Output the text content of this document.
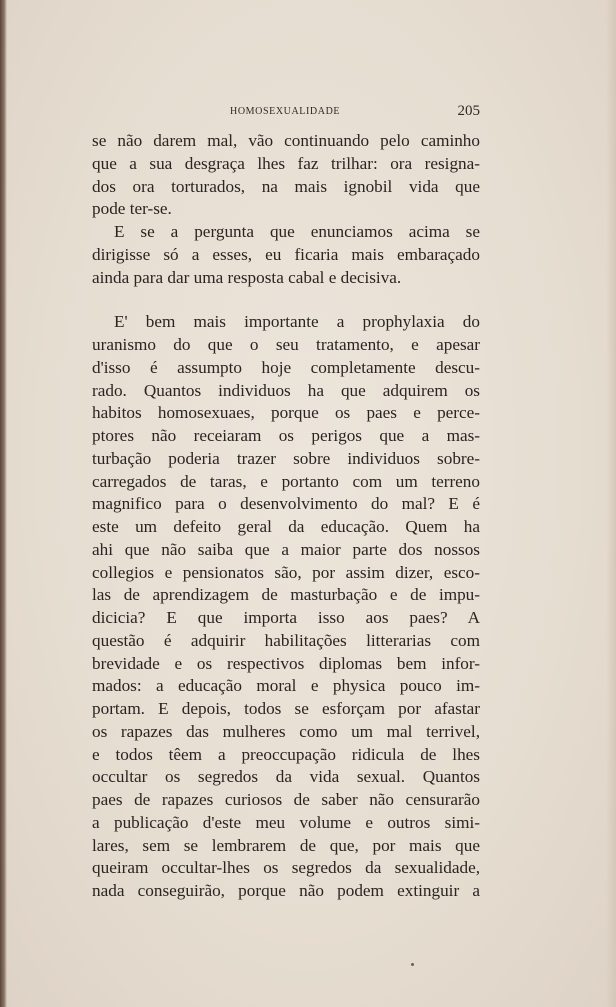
HOMOSEXUALIDADE	205
se não darem mal, vão continuando pelo caminho
que a sua desgraça lhes faz trilhar: ora resigna-
dos ora torturados, na mais ignobil vida que
pode ter-se.
E se a pergunta que enunciamos acima se
dirigisse só a esses, eu ficaria mais embaraçado
ainda para dar uma resposta cabal e decisiva.
E' bem mais importante a prophylaxia do
uranismo do que o seu tratamento, e apesar
d'isso é assumpto hoje completamente descu-
rado. Quantos individuos ha que adquirem os
habitos homosexuaes, porque os paes e perce-
ptores não receiaram os perigos que a mas-
turbação poderia trazer sobre individuos sobre-
carregados de taras, e portanto com um terreno
magnifico para o desenvolvimento do mal? E é
este um defeito geral da educação. Quem ha
ahi que não saiba que a maior parte dos nossos
collegios e pensionatos são, por assim dizer, esco-
las de aprendizagem de masturbação e de impu-
dicicia? E que importa isso aos paes? A
questão é adquirir habilitações litterarias com
brevidade e os respectivos diplomas bem infor-
mados: a educação moral e physica pouco im-
portam. E depois, todos se esforçam por afastar
os rapazes das mulheres como um mal terrivel,
e todos têem a preoccupação ridicula de lhes
occultar os segredos da vida sexual. Quantos
paes de rapazes curiosos de saber não censurarão
a publicação d'este meu volume e outros simi-
lares, sem se lembrarem de que, por mais que
queiram occultar-lhes os segredos da sexualidade,
nada conseguirão, porque não podem extinguir a
